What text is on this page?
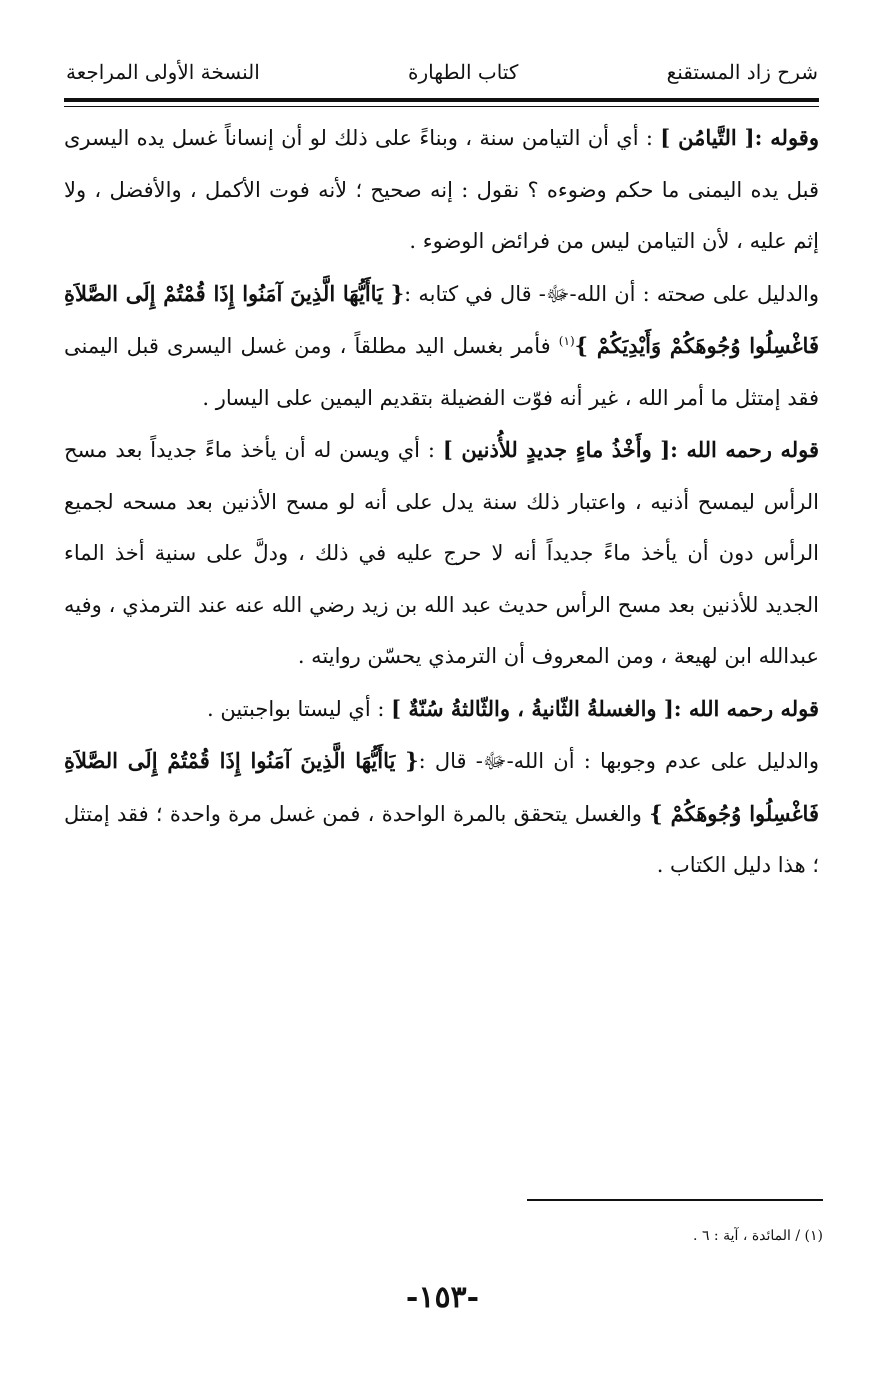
شرح زاد المستقنع
كتاب الطهارة
النسخة الأولى المراجعة

وقوله :[ التَّيامُن ] : أي أن التيامن سنة ، وبناءً على ذلك لو أن إنساناً غسل يده اليسرى قبل يده اليمنى ما حكم وضوءه ؟ نقول : إنه صحيح ؛ لأنه فوت الأكمل ، والأفضل ، ولا إثم عليه ، لأن التيامن ليس من فرائض الوضوء .

والدليل على صحته : أن الله-ﷻ- قال في كتابه :{ يَاأَيُّهَا الَّذِينَ آمَنُوا إِذَا قُمْتُمْ إِلَى الصَّلاَةِ فَاغْسِلُوا وُجُوهَكُمْ وَأَيْدِيَكُمْ }$^{(١)}$ فأمر بغسل اليد مطلقاً ، ومن غسل اليسرى قبل اليمنى فقد إمتثل ما أمر الله ، غير أنه فوّت الفضيلة بتقديم اليمين على اليسار .

قوله رحمه الله :[ وأَخْذُ ماءٍ جديدٍ للأُذنين ] : أي ويسن له أن يأخذ ماءً جديداً بعد مسح الرأس ليمسح أذنيه ، واعتبار ذلك سنة يدل على أنه لو مسح الأذنين بعد مسحه لجميع الرأس دون أن يأخذ ماءً جديداً أنه لا حرج عليه في ذلك ، ودلَّ على سنية أخذ الماء الجديد للأذنين بعد مسح الرأس حديث عبد الله بن زيد رضي الله عنه عند الترمذي ، وفيه عبدالله ابن لهيعة ، ومن المعروف أن الترمذي يحسّن روايته .

قوله رحمه الله :[ والغسلةُ الثّانيةُ ، والثّالثةُ سُنّةٌ ] : أي ليستا بواجبتين .

والدليل على عدم وجوبها : أن الله-ﷻ- قال :{ يَاأَيُّهَا الَّذِينَ آمَنُوا إِذَا قُمْتُمْ إِلَى الصَّلاَةِ فَاغْسِلُوا وُجُوهَكُمْ } والغسل يتحقق بالمرة الواحدة ، فمن غسل مرة واحدة ؛ فقد إمتثل ؛ هذا دليل الكتاب .

(١) / المائدة ، آية : ٦ .
-١٥٣-
